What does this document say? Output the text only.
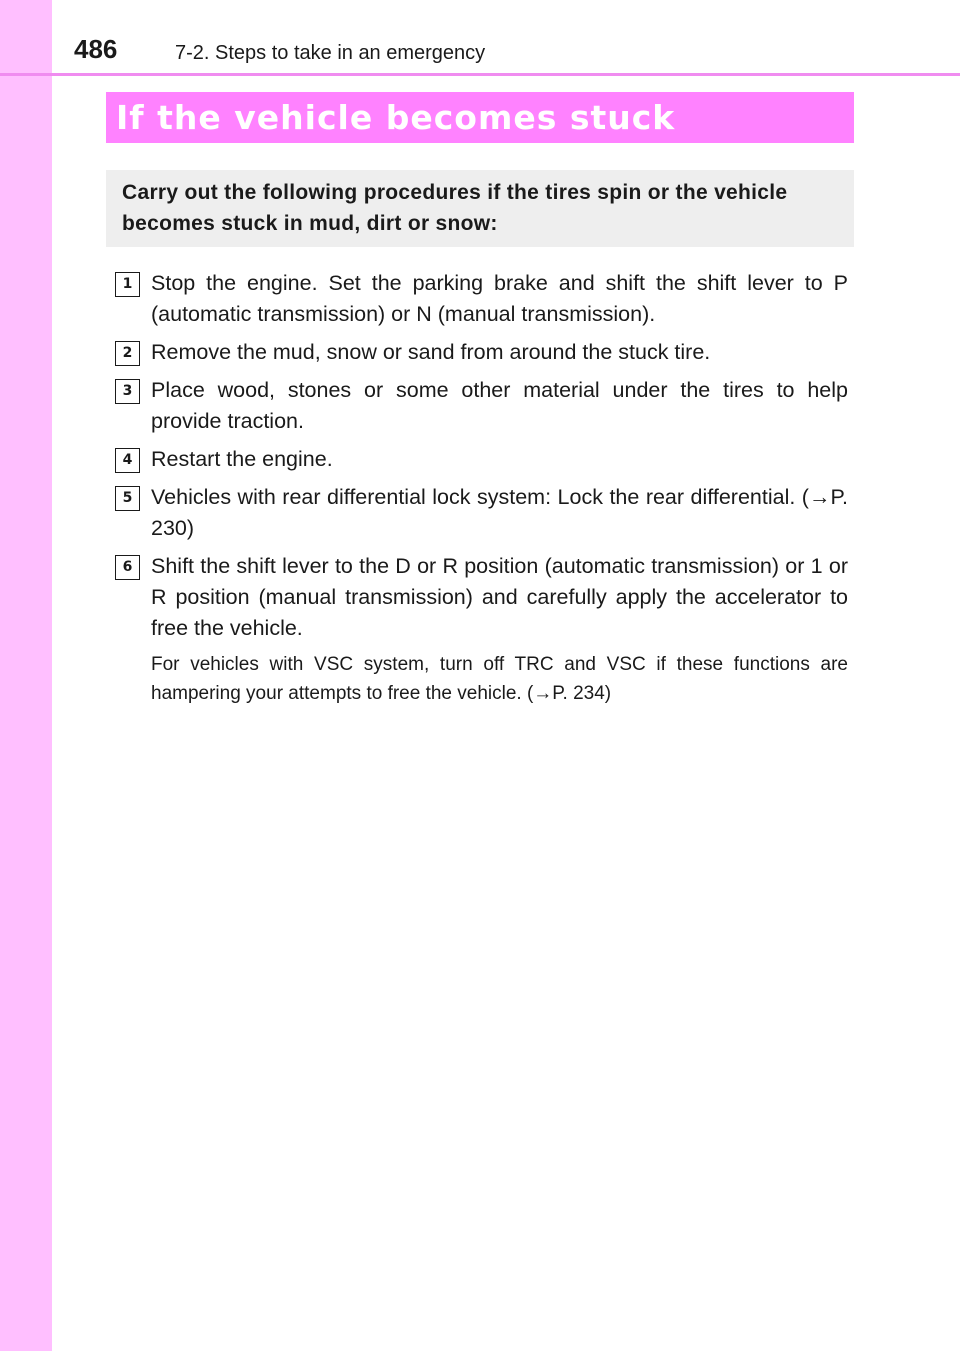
486	7-2. Steps to take in an emergency
If the vehicle becomes stuck

Carry out the following procedures if the tires spin or the vehicle becomes stuck in mud, dirt or snow:

1 Stop the engine. Set the parking brake and shift the shift lever to P (automatic transmission) or N (manual transmission).

2 Remove the mud, snow or sand from around the stuck tire.

3 Place wood, stones or some other material under the tires to help provide traction.

4 Restart the engine.

5 Vehicles with rear differential lock system: Lock the rear differential. (→P. 230)

6 Shift the shift lever to the D or R position (automatic transmission) or 1 or R position (manual transmission) and carefully apply the accelerator to free the vehicle.

For vehicles with VSC system, turn off TRC and VSC if these functions are hampering your attempts to free the vehicle. (→P. 234)
